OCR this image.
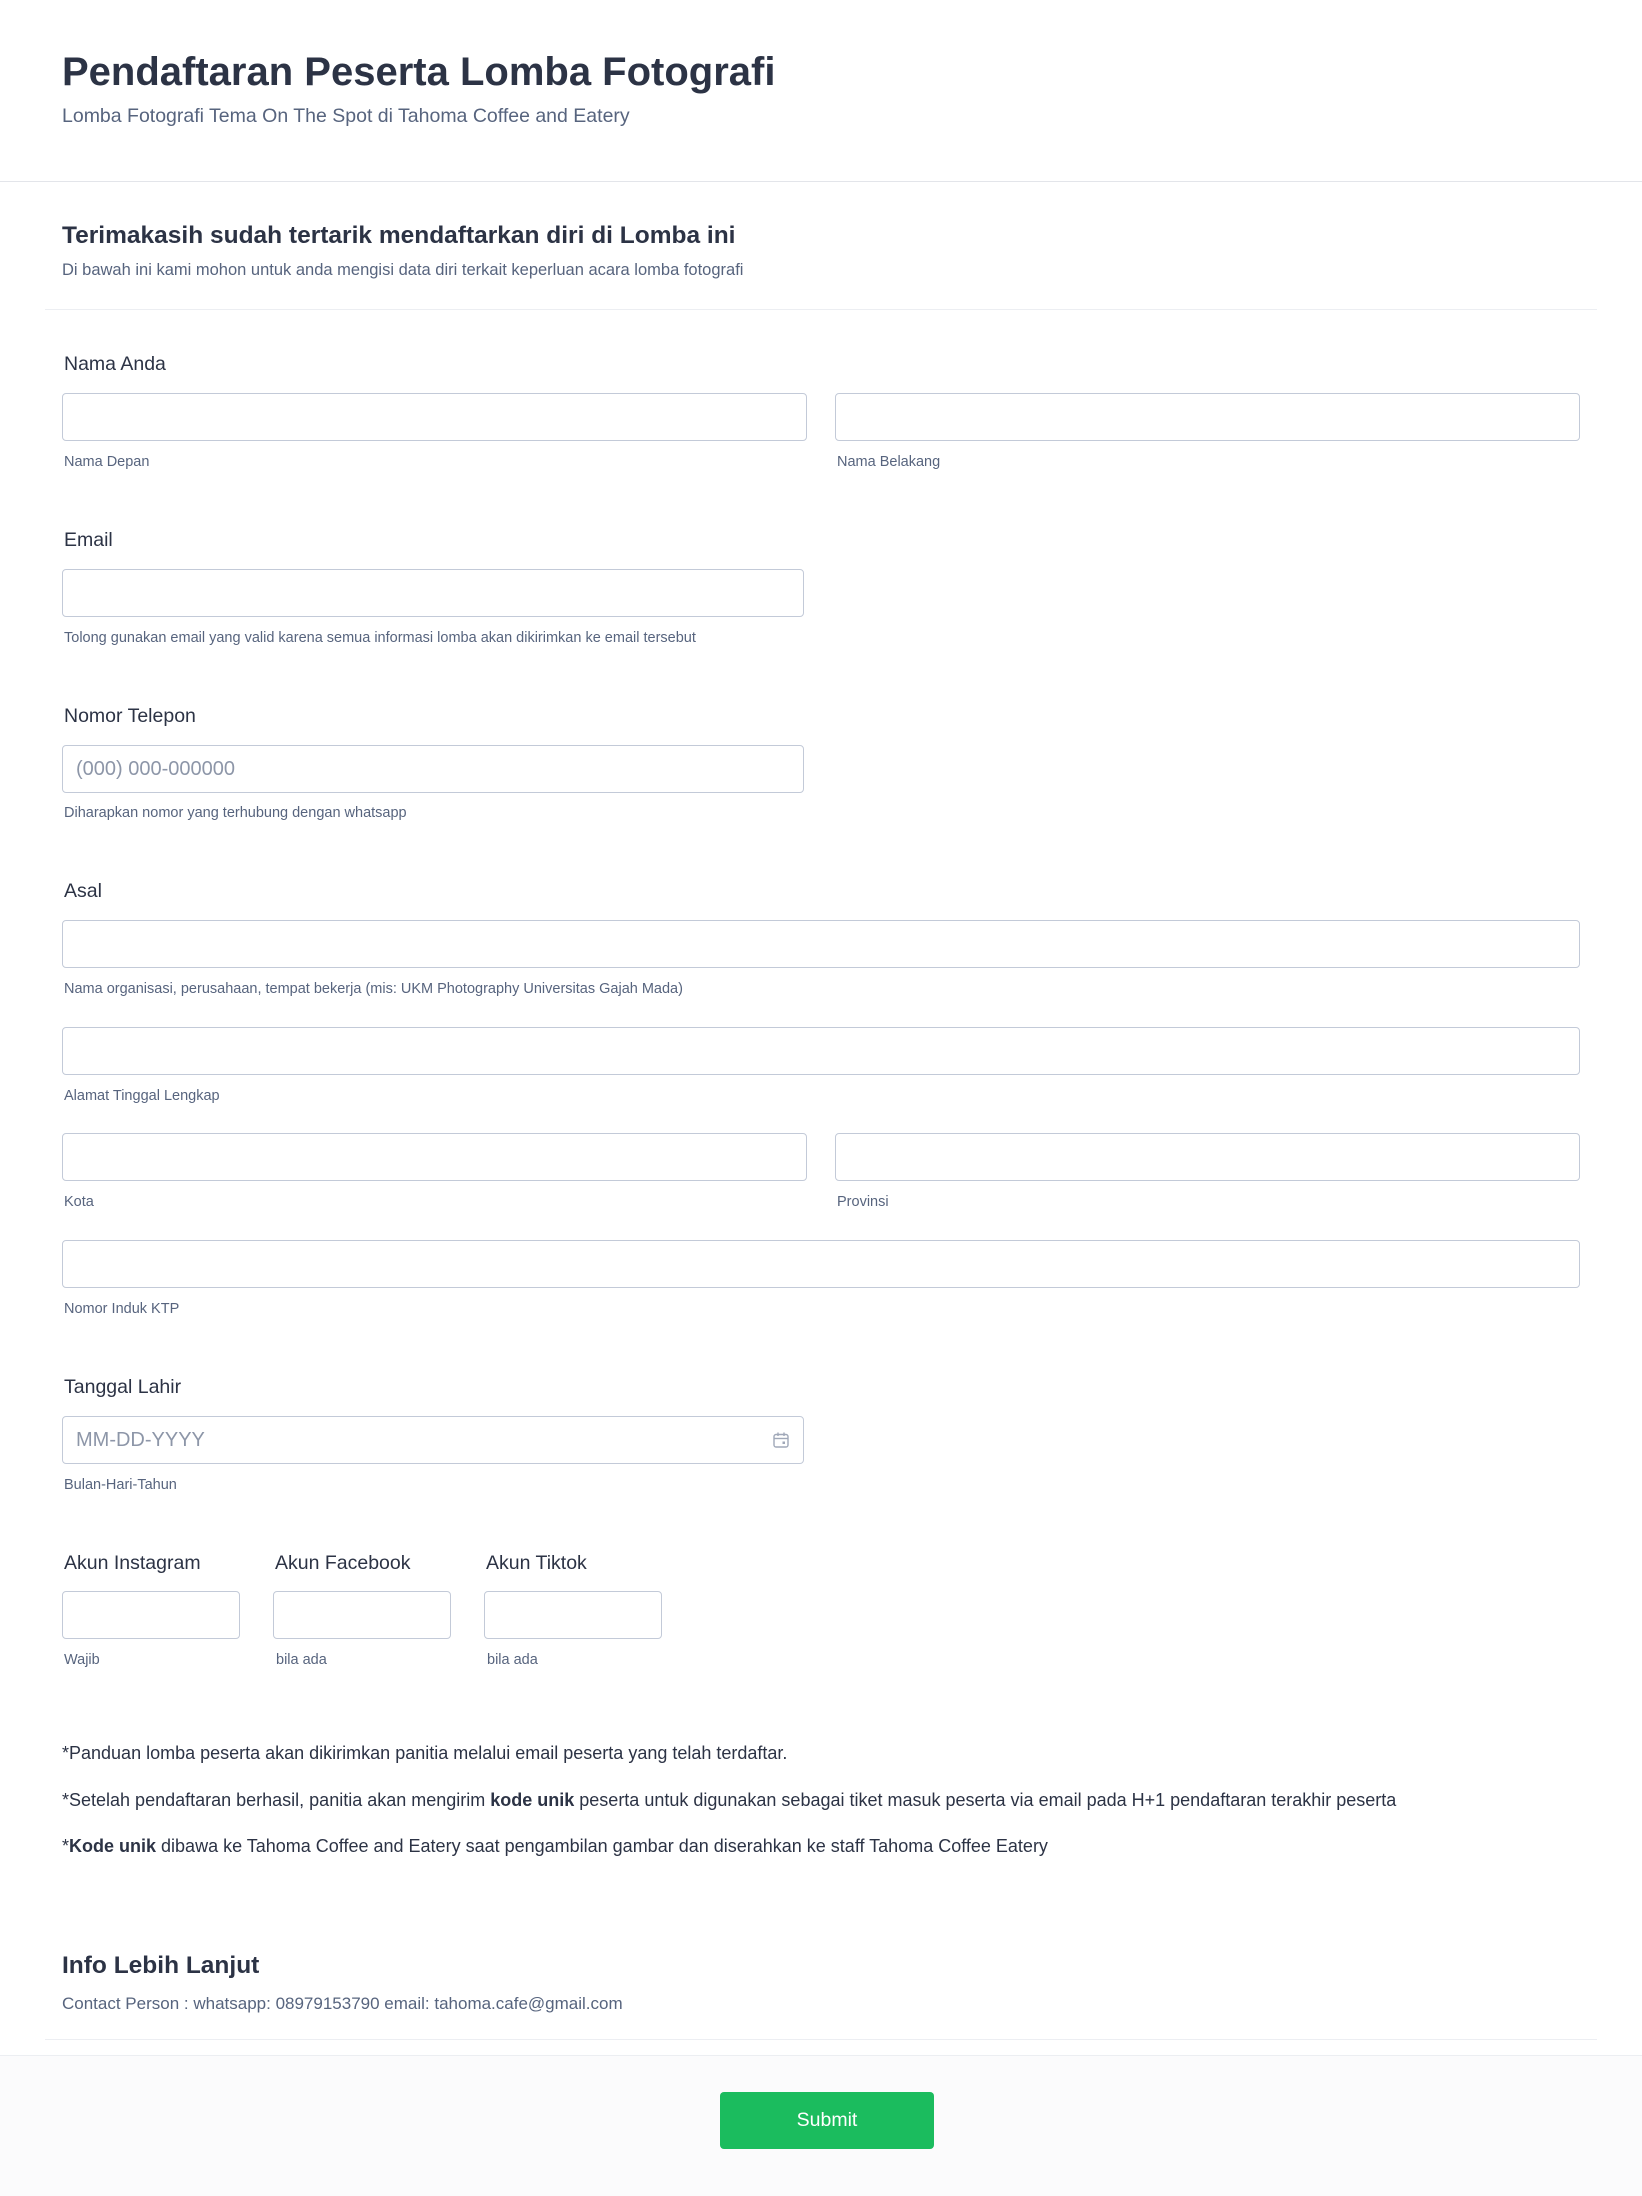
Pendaftaran Peserta Lomba Fotografi
Lomba Fotografi Tema On The Spot di Tahoma Coffee and Eatery
Terimakasih sudah tertarik mendaftarkan diri di Lomba ini
Di bawah ini kami mohon untuk anda mengisi data diri terkait keperluan acara lomba fotografi
Nama Anda
Nama Depan	Nama Belakang
Email
Tolong gunakan email yang valid karena semua informasi lomba akan dikirimkan ke email tersebut
Nomor Telepon
(000) 000-000000
Diharapkan nomor yang terhubung dengan whatsapp
Asal
Nama organisasi, perusahaan, tempat bekerja (mis: UKM Photography Universitas Gajah Mada)
Alamat Tinggal Lengkap
Kota	Provinsi
Nomor Induk KTP
Tanggal Lahir
MM-DD-YYYY
Bulan-Hari-Tahun
Akun Instagram
Wajib
Akun Facebook
bila ada
Akun Tiktok
bila ada
*Panduan lomba peserta akan dikirimkan panitia melalui email peserta yang telah terdaftar.
*Setelah pendaftaran berhasil, panitia akan mengirim kode unik peserta untuk digunakan sebagai tiket masuk peserta via email pada H+1 pendaftaran terakhir peserta
*Kode unik dibawa ke Tahoma Coffee and Eatery saat pengambilan gambar dan diserahkan ke staff Tahoma Coffee Eatery
Info Lebih Lanjut
Contact Person : whatsapp: 08979153790 email: tahoma.cafe@gmail.com
Submit
